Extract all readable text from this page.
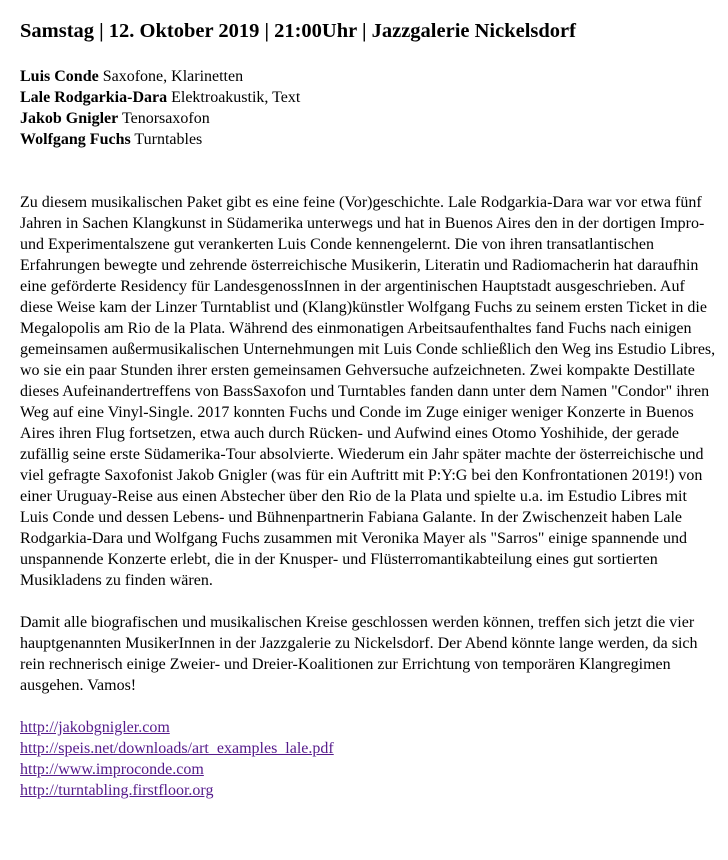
Samstag | 12. Oktober 2019 | 21:00Uhr | Jazzgalerie Nickelsdorf
Luis Conde Saxofone, Klarinetten
Lale Rodgarkia-Dara Elektroakustik, Text
Jakob Gnigler Tenorsaxofon
Wolfgang Fuchs Turntables

Zu diesem musikalischen Paket gibt es eine feine (Vor)geschichte. Lale Rodgarkia-Dara war vor etwa fünf Jahren in Sachen Klangkunst in Südamerika unterwegs und hat in Buenos Aires den in der dortigen Impro- und Experimentalszene gut verankerten Luis Conde kennengelernt. Die von ihren transatlantischen Erfahrungen bewegte und zehrende österreichische Musikerin, Literatin und Radiomacherin hat daraufhin eine geförderte Residency für LandesgenossInnen in der argentinischen Hauptstadt ausgeschrieben. Auf diese Weise kam der Linzer Turntablist und (Klang)künstler Wolfgang Fuchs zu seinem ersten Ticket in die Megalopolis am Rio de la Plata. Während des einmonatigen Arbeitsaufenthaltes fand Fuchs nach einigen gemeinsamen außermusikalischen Unternehmungen mit Luis Conde schließlich den Weg ins Estudio Libres, wo sie ein paar Stunden ihrer ersten gemeinsamen Gehversuche aufzeichneten. Zwei kompakte Destillate dieses Aufeinandertreffens von BassSaxofon und Turntables fanden dann unter dem Namen "Condor" ihren Weg auf eine Vinyl-Single. 2017 konnten Fuchs und Conde im Zuge einiger weniger Konzerte in Buenos Aires ihren Flug fortsetzen, etwa auch durch Rücken- und Aufwind eines Otomo Yoshihide, der gerade zufällig seine erste Südamerika-Tour absolvierte. Wiederum ein Jahr später machte der österreichische und viel gefragte Saxofonist Jakob Gnigler (was für ein Auftritt mit P:Y:G bei den Konfrontationen 2019!) von einer Uruguay-Reise aus einen Abstecher über den Rio de la Plata und spielte u.a. im Estudio Libres mit Luis Conde und dessen Lebens- und Bühnenpartnerin Fabiana Galante. In der Zwischenzeit haben Lale Rodgarkia-Dara und Wolfgang Fuchs zusammen mit Veronika Mayer als "Sarros" einige spannende und unspannende Konzerte erlebt, die in der Knusper- und Flüsterromantikabteilung eines gut sortierten Musikladens zu finden wären.

Damit alle biografischen und musikalischen Kreise geschlossen werden können, treffen sich jetzt die vier hauptgenannten MusikerInnen in der Jazzgalerie zu Nickelsdorf. Der Abend könnte lange werden, da sich rein rechnerisch einige Zweier- und Dreier-Koalitionen zur Errichtung von temporären Klangregimen ausgehen. Vamos!

http://jakobgnigler.com
http://speis.net/downloads/art_examples_lale.pdf
http://www.improconde.com
http://turntabling.firstfloor.org
